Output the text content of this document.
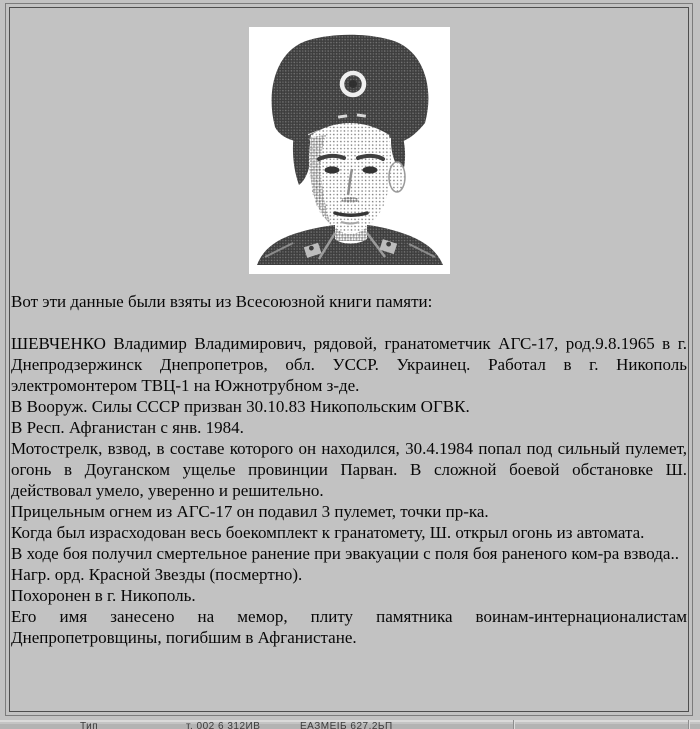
Вот эти данные были взяты из Всесоюзной книги памяти:

ШЕВЧЕНКО Владимир Владимирович, рядовой, гранатометчик АГС-17, род.9.8.1965 в г. Днепродзержинск Днепропетров, обл. УССР. Украинец. Работал в г. Никополь электромонтером ТВЦ-1 на Южнотрубном з-де.

В Вооруж. Силы СССР призван 30.10.83 Никопольским ОГВК.

В Респ. Афганистан с янв. 1984.

Мотострелк, взвод, в составе которого он находился, 30.4.1984 попал под сильный пулемет, огонь в Доуганском ущелье провинции Парван. В сложной боевой обстановке Ш. действовал умело, уверенно и решительно.

Прицельным огнем из АГС-17 он подавил 3 пулемет, точки пр-ка.

Когда был израсходован весь боекомплект к гранатомету, Ш. открыл огонь из автомата.

В ходе боя получил смертельное ранение при эвакуации с поля боя раненого ком-ра взвода..

Нагр. орд. Красной Звезды (посмертно).

Похоронен в г. Никополь.

Его имя занесено на мемор, плиту памятника воинам-интернационалистам Днепропетровщины, погибшим в Афганистане.

Тип	т. 002 6 312ИВ	ЕАЗМЕІБ 627.2ЬП
